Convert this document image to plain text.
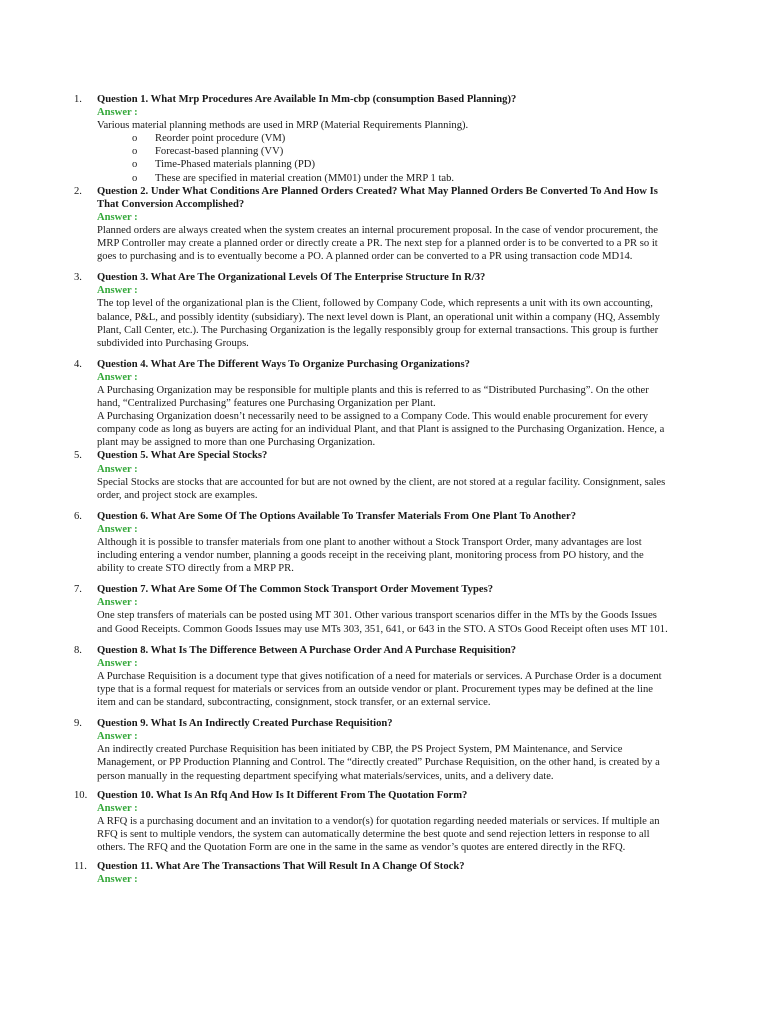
1. Question 1. What Mrp Procedures Are Available In Mm-cbp (consumption Based Planning)?
Answer :

Various material planning methods are used in MRP (Material Requirements Planning).

o Reorder point procedure (VM)
o Forecast-based planning (VV)
o Time-Phased materials planning (PD)
o These are specified in material creation (MM01) under the MRP 1 tab.
2. Question 2. Under What Conditions Are Planned Orders Created? What May Planned Orders Be Converted To And How Is That Conversion Accomplished?
Answer :

Planned orders are always created when the system creates an internal procurement proposal. In the case of vendor procurement, the MRP Controller may create a planned order or directly create a PR. The next step for a planned order is to be converted to a PR so it goes to purchasing and is to eventually become a PO. A planned order can be converted to a PR using transaction code MD14.

3. Question 3. What Are The Organizational Levels Of The Enterprise Structure In R/3?
Answer :

The top level of the organizational plan is the Client, followed by Company Code, which represents a unit with its own accounting, balance, P&L, and possibly identity (subsidiary). The next level down is Plant, an operational unit within a company (HQ, Assembly Plant, Call Center, etc.). The Purchasing Organization is the legally responsibly group for external transactions. This group is further subdivided into Purchasing Groups.

4. Question 4. What Are The Different Ways To Organize Purchasing Organizations?
Answer :

A Purchasing Organization may be responsible for multiple plants and this is referred to as “Distributed Purchasing”. On the other hand, “Centralized Purchasing” features one Purchasing Organization per Plant.

A Purchasing Organization doesn’t necessarily need to be assigned to a Company Code. This would enable procurement for every company code as long as buyers are acting for an individual Plant, and that Plant is assigned to the Purchasing Organization. Hence, a plant may be assigned to more than one Purchasing Organization.

5. Question 5. What Are Special Stocks?
Answer :

Special Stocks are stocks that are accounted for but are not owned by the client, are not stored at a regular facility. Consignment, sales order, and project stock are examples.

6. Question 6. What Are Some Of The Options Available To Transfer Materials From One Plant To Another?
Answer :

Although it is possible to transfer materials from one plant to another without a Stock Transport Order, many advantages are lost including entering a vendor number, planning a goods receipt in the receiving plant, monitoring process from PO history, and the ability to create STO directly from a MRP PR.

7. Question 7. What Are Some Of The Common Stock Transport Order Movement Types?
Answer :

One step transfers of materials can be posted using MT 301. Other various transport scenarios differ in the MTs by the Goods Issues and Good Receipts. Common Goods Issues may use MTs 303, 351, 641, or 643 in the STO. A STOs Good Receipt often uses MT 101.

8. Question 8. What Is The Difference Between A Purchase Order And A Purchase Requisition?
Answer :

A Purchase Requisition is a document type that gives notification of a need for materials or services. A Purchase Order is a document type that is a formal request for materials or services from an outside vendor or plant. Procurement types may be defined at the line item and can be standard, subcontracting, consignment, stock transfer, or an external service.

9. Question 9. What Is An Indirectly Created Purchase Requisition?
Answer :

An indirectly created Purchase Requisition has been initiated by CBP, the PS Project System, PM Maintenance, and Service Management, or PP Production Planning and Control. The “directly created” Purchase Requisition, on the other hand, is created by a person manually in the requesting department specifying what materials/services, units, and a delivery date.

10. Question 10. What Is An Rfq And How Is It Different From The Quotation Form?
Answer :

A RFQ is a purchasing document and an invitation to a vendor(s) for quotation regarding needed materials or services. If multiple an RFQ is sent to multiple vendors, the system can automatically determine the best quote and send rejection letters in response to all others. The RFQ and the Quotation Form are one in the same in the same as vendor’s quotes are entered directly in the RFQ.

11. Question 11. What Are The Transactions That Will Result In A Change Of Stock?
Answer :
